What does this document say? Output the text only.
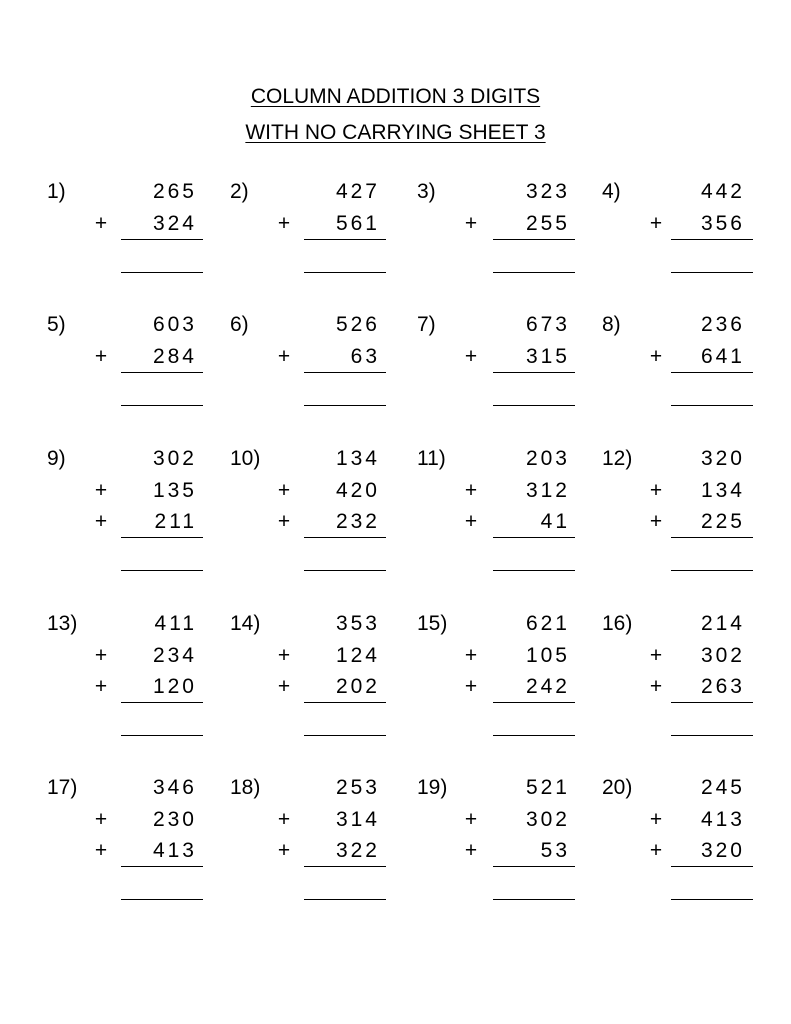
COLUMN ADDITION 3 DIGITS
WITH NO CARRYING SHEET 3
1)	265
+	324
2)	427
+	561
3)	323
+	255
4)	442
+	356
5)	603
+	284
6)	526
+	63
7)	673
+	315
8)	236
+	641
9)	302
+	135
+	211
10)	134
+	420
+	232
11)	203
+	312
+	41
12)	320
+	134
+	225
13)	411
+	234
+	120
14)	353
+	124
+	202
15)	621
+	105
+	242
16)	214
+	302
+	263
17)	346
+	230
+	413
18)	253
+	314
+	322
19)	521
+	302
+	53
20)	245
+	413
+	320
